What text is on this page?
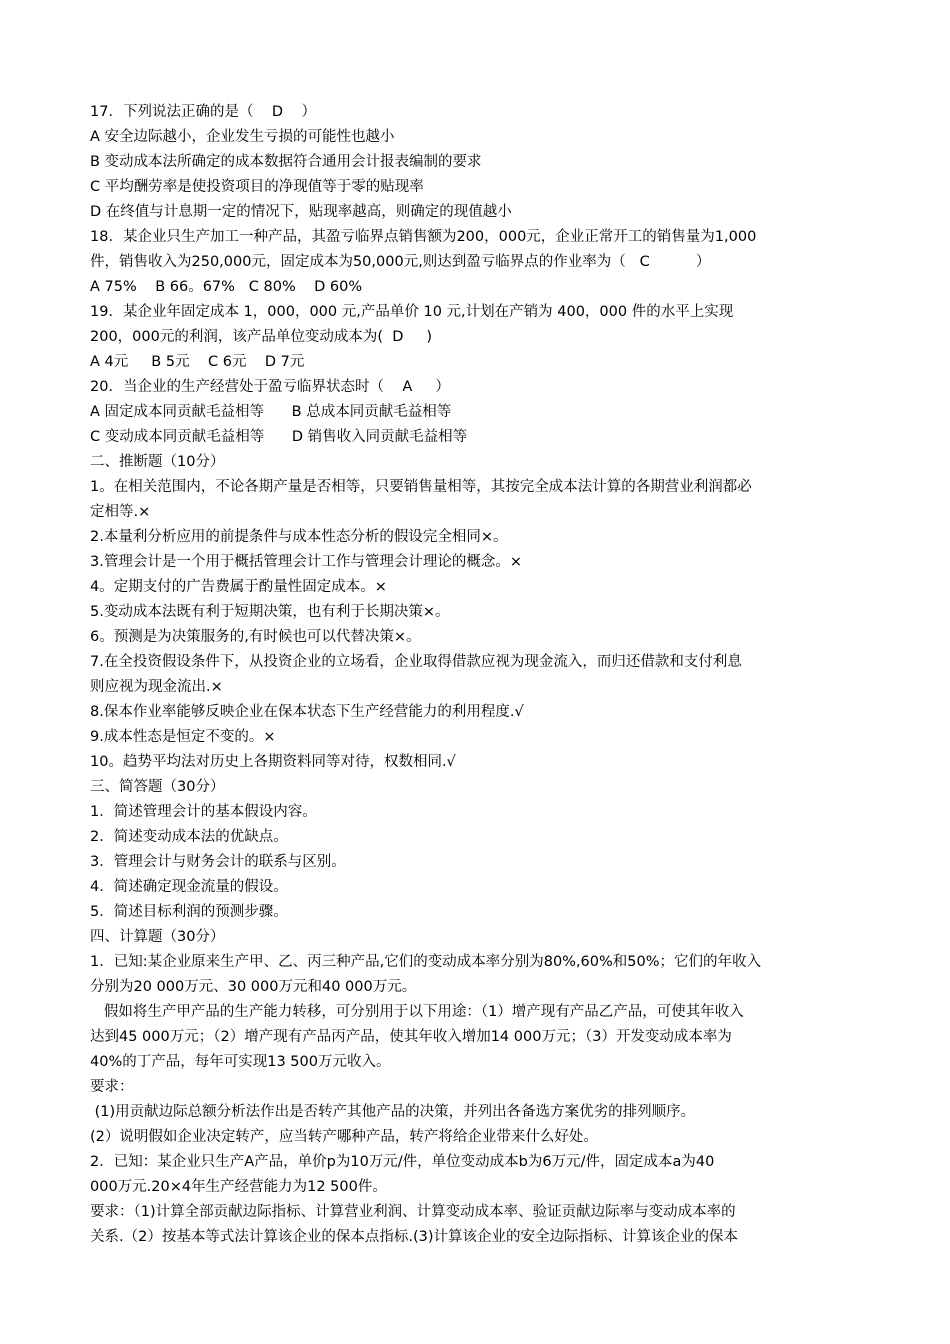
17．下列说法正确的是（    D    ）
A 安全边际越小，企业发生亏损的可能性也越小
B 变动成本法所确定的成本数据符合通用会计报表编制的要求
C 平均酬劳率是使投资项目的净现值等于零的贴现率
D 在终值与计息期一定的情况下，贴现率越高，则确定的现值越小
18．某企业只生产加工一种产品，其盈亏临界点销售额为200，000元，企业正常开工的销售量为1,000
件，销售收入为250,000元，固定成本为50,000元,则达到盈亏临界点的作业率为（   C          ）
A 75%    B 66。67%   C 80%    D 60%
19．某企业年固定成本 1，000，000 元,产品单价 10 元,计划在产销为 400，000 件的水平上实现
200，000元的利润，该产品单位变动成本为(  D     )
A 4元     B 5元    C 6元    D 7元
20．当企业的生产经营处于盈亏临界状态时（    A     ）
A 固定成本同贡献毛益相等      B 总成本同贡献毛益相等
C 变动成本同贡献毛益相等      D 销售收入同贡献毛益相等
二、推断题（10分）
1。在相关范围内，不论各期产量是否相等，只要销售量相等，其按完全成本法计算的各期营业利润都必
定相等.×
2.本量利分析应用的前提条件与成本性态分析的假设完全相同×。
3.管理会计是一个用于概括管理会计工作与管理会计理论的概念。×
4。定期支付的广告费属于酌量性固定成本。×
5.变动成本法既有利于短期决策，也有利于长期决策×。
6。预测是为决策服务的,有时候也可以代替决策×。
7.在全投资假设条件下，从投资企业的立场看，企业取得借款应视为现金流入，而归还借款和支付利息
则应视为现金流出.×
8.保本作业率能够反映企业在保本状态下生产经营能力的利用程度.√
9.成本性态是恒定不变的。×
10。趋势平均法对历史上各期资料同等对待，权数相同.√
三、简答题（30分）
1．简述管理会计的基本假设内容。
2．简述变动成本法的优缺点。
3．管理会计与财务会计的联系与区别。
4．简述确定现金流量的假设。
5．简述目标利润的预测步骤。
四、计算题（30分）
1．已知:某企业原来生产甲、乙、丙三种产品,它们的变动成本率分别为80%,60%和50%；它们的年收入
分别为20 000万元、30 000万元和40 000万元。
假如将生产甲产品的生产能力转移，可分别用于以下用途：（1）增产现有产品乙产品，可使其年收入
达到45 000万元；（2）增产现有产品丙产品，使其年收入增加14 000万元；（3）开发变动成本率为
40%的丁产品，每年可实现13 500万元收入。
要求：
(1)用贡献边际总额分析法作出是否转产其他产品的决策，并列出各备选方案优劣的排列顺序。
(2）说明假如企业决定转产，应当转产哪种产品，转产将给企业带来什么好处。
2．已知：某企业只生产A产品，单价p为10万元/件，单位变动成本b为6万元/件，固定成本a为40
000万元.20×4年生产经营能力为12 500件。
要求：（1)计算全部贡献边际指标、计算营业利润、计算变动成本率、验证贡献边际率与变动成本率的
关系.（2）按基本等式法计算该企业的保本点指标.(3)计算该企业的安全边际指标、计算该企业的保本
